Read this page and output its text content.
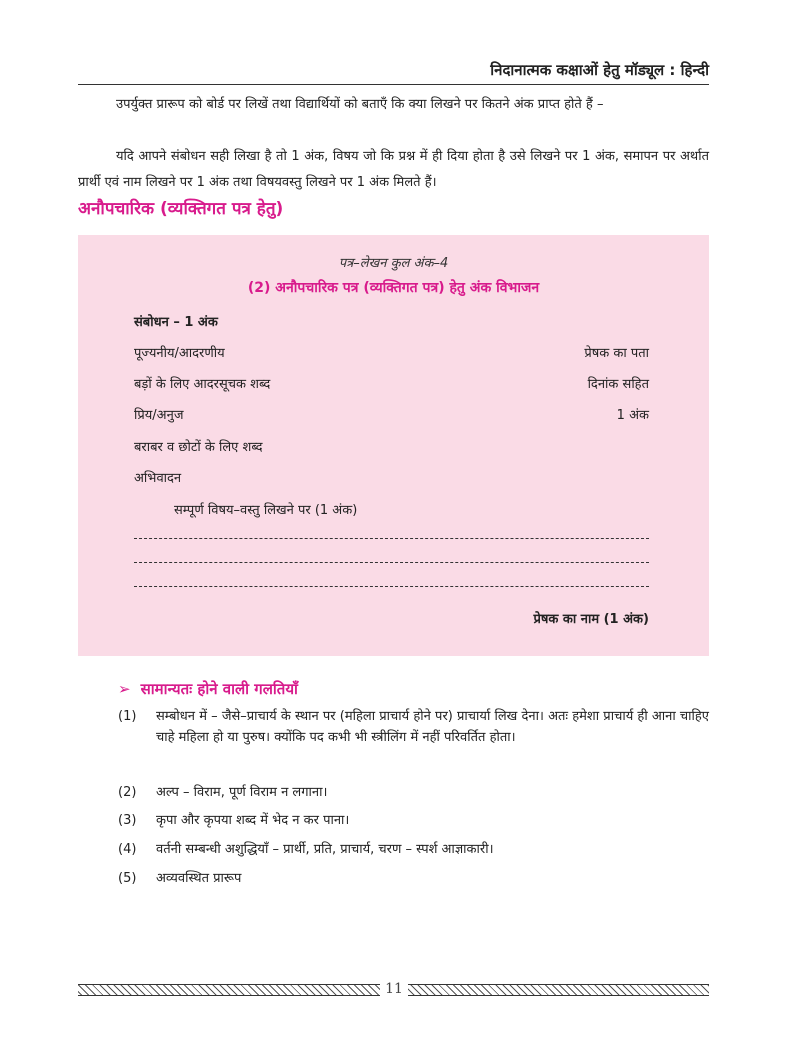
निदानात्मक कक्षाओं हेतु मॉड्यूल : हिन्दी
उपर्युक्त प्रारूप को बोर्ड पर लिखें तथा विद्यार्थियों को बताएँ कि क्या लिखने पर कितने अंक प्राप्त होते हैं –
यदि आपने संबोधन सही लिखा है तो 1 अंक, विषय जो कि प्रश्न में ही दिया होता है उसे लिखने पर 1 अंक, समापन पर अर्थात प्रार्थी एवं नाम लिखने पर 1 अंक तथा विषयवस्तु लिखने पर 1 अंक मिलते हैं।
अनौपचारिक (व्यक्तिगत पत्र हेतु)
पत्र–लेखन कुल अंक–4
(2) अनौपचारिक पत्र (व्यक्तिगत पत्र) हेतु अंक विभाजन
संबोधन – 1 अंक
पूज्यनीय/आदरणीय	प्रेषक का पता
बड़ों के लिए आदरसूचक शब्द	दिनांक सहित
प्रिय/अनुज	1 अंक
बराबर व छोटों के लिए शब्द
अभिवादन
सम्पूर्ण विषय–वस्तु लिखने पर (1 अंक)
प्रेषक का नाम (1 अंक)
➢ सामान्यतः होने वाली गलतियाँ
(1) सम्बोधन में – जैसे–प्राचार्य के स्थान पर (महिला प्राचार्य होने पर) प्राचार्या लिख देना। अतः हमेशा प्राचार्य ही आना चाहिए चाहे महिला हो या पुरुष। क्योंकि पद कभी भी स्त्रीलिंग में नहीं परिवर्तित होता।
(2) अल्प – विराम, पूर्ण विराम न लगाना।
(3) कृपा और कृपया शब्द में भेद न कर पाना।
(4) वर्तनी सम्बन्धी अशुद्धियाँ – प्रार्थी, प्रति, प्राचार्य, चरण – स्पर्श आज्ञाकारी।
(5) अव्यवस्थित प्रारूप
11
